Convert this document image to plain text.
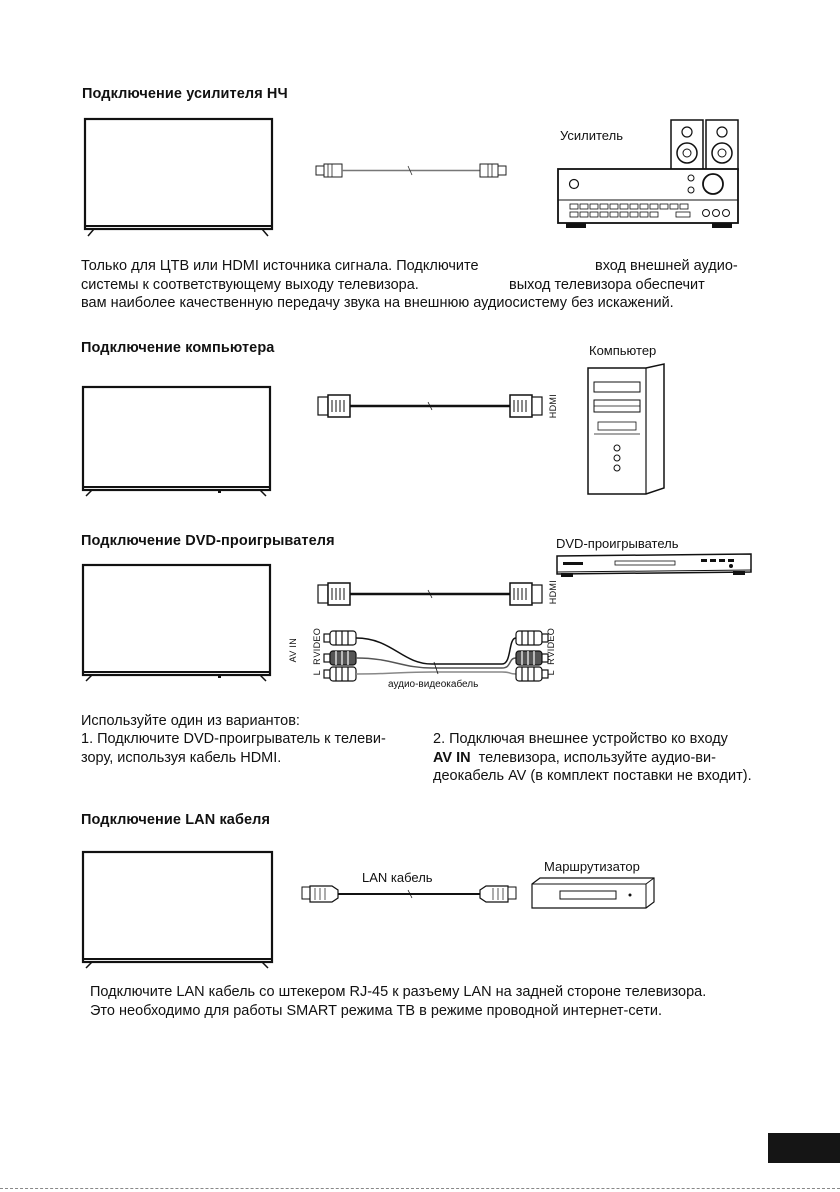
Подключение усилителя НЧ
Усилитель
Только для ЦТВ или HDMI источника сигнала. Подключите	вход внешней аудио-
системы к соответствующему выходу телевизора.	выход телевизора обеспечит
вам наиболее качественную передачу звука на внешнюю аудиосистему без искажений.
Подключение компьютера	Компьютер
HDMI
Подключение DVD-проигрывателя	DVD-проигрыватель
HDMI
AV IN VIDEO
R
L
VIDEO
R
L
аудио-видеокабель
Используйте один из вариантов:
1. Подключите DVD-проигрыватель к телеви-
зору, используя кабель HDMI.
2. Подключая внешнее устройство ко входу
AV IN телевизора, используйте аудио-ви-
деокабель AV (в комплект поставки не входит).
Подключение LAN кабеля
LAN кабель
Маршрутизатор
Подключите LAN кабель со штекером RJ-45 к разъему LAN на задней стороне телевизора.
Это необходимо для работы SMART режима ТВ в режиме проводной интернет-сети.
